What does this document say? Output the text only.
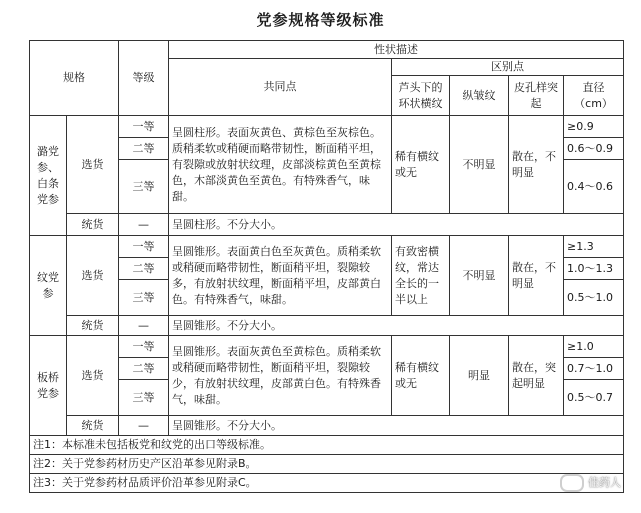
党参规格等级标准
规格		等级	性状描述				
			共同点	区别点			
				芦头下的环状横纹	纵皱纹	皮孔样突起	直径（cm）
潞党参、白条党参	选货	一等	呈圆柱形。表面灰黄色、黄棕色至灰棕色。质稍柔软或稍硬而略带韧性，断面稍平坦，有裂隙或放射状纹理，皮部淡棕黄色至黄棕色，木部淡黄色至黄色。有特殊香气，味甜。	稀有横纹或无	不明显	散在，不明显	≥0.9
		二等					0.6～0.9
		三等					0.4～0.6
	统货	—	呈圆柱形。不分大小。				
纹党参	选货	一等	呈圆锥形。表面黄白色至灰黄色。质稍柔软或稍硬而略带韧性，断面稍平坦，裂隙较多，有放射状纹理，断面稍平坦，皮部黄白色。有特殊香气，味甜。	有致密横纹，常达全长的一半以上	不明显	散在，不明显	≥1.3
		二等					1.0～1.3
		三等					0.5～1.0
	统货	—	呈圆锥形。不分大小。				
板桥党参	选货	一等	呈圆锥形。表面灰黄色至黄棕色。质稍柔软或稍硬而略带韧性，断面稍平坦，裂隙较少，有放射状纹理，皮部黄白色。有特殊香气，味甜。	稀有横纹或无	明显	散在，突起明显	≥1.0
		二等					0.7～1.0
		三等					0.5～0.7
	统货	—	呈圆锥形。不分大小。				
注1：本标准未包括板党和纹党的出口等级标准。							
注2：关于党参药材历史产区沿革参见附录B。							
注3：关于党参药材品质评价沿革参见附录C。								佳药人
